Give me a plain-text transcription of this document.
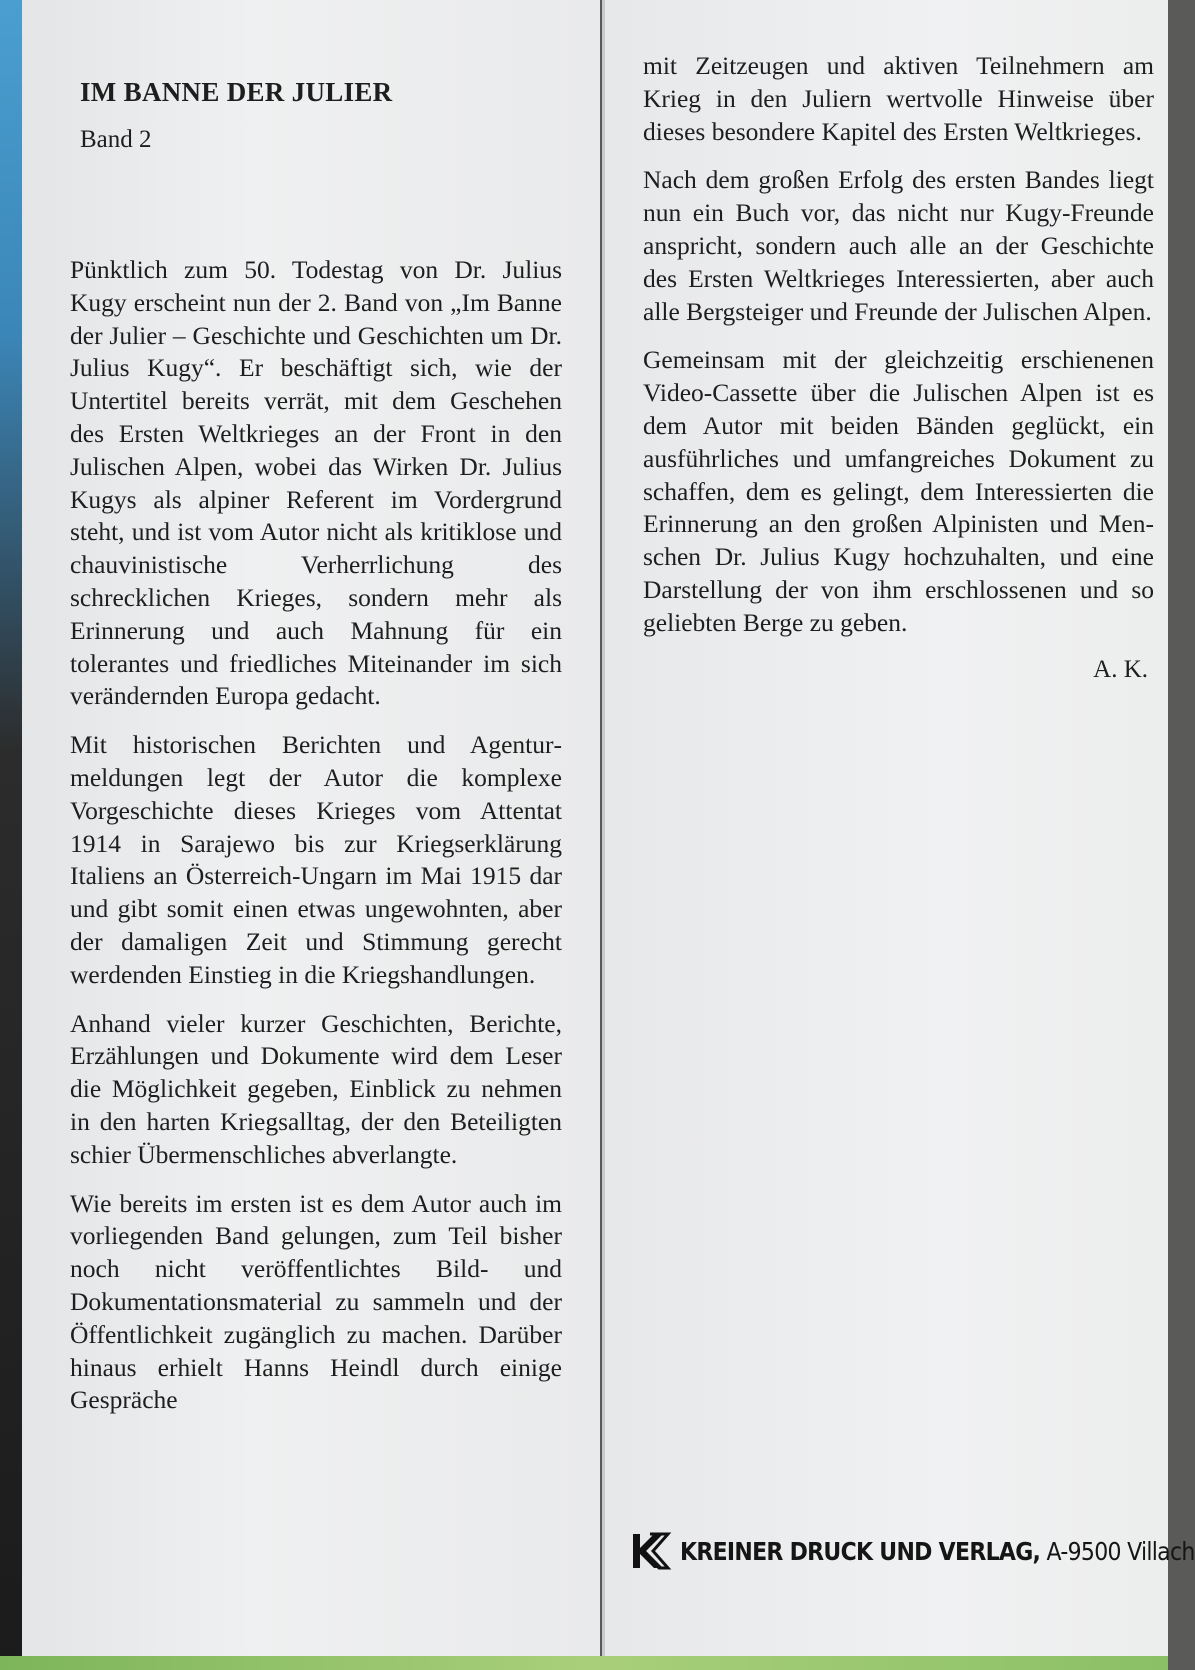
IM BANNE DER JULIER
Band 2

Pünktlich zum 50. Todestag von Dr. Julius Kugy erscheint nun der 2. Band von „Im Banne der Julier – Geschichte und Geschichten um Dr. Julius Kugy“. Er beschäftigt sich, wie der Untertitel bereits verrät, mit dem Geschehen des Ersten Weltkrieges an der Front in den Julischen Alpen, wobei das Wirken Dr. Julius Kugys als alpiner Referent im Vordergrund steht, und ist vom Autor nicht als kritiklose und chauvinistische Verherrlichung des schrecklichen Krieges, sondern mehr als Erinnerung und auch Mahnung für ein tolerantes und friedliches Miteinander im sich verändernden Europa gedacht.

Mit historischen Berichten und Agenturmeldungen legt der Autor die komplexe Vorgeschichte dieses Krieges vom Attentat 1914 in Sarajewo bis zur Kriegserklärung Italiens an Österreich-Ungarn im Mai 1915 dar und gibt somit einen etwas ungewohnten, aber der damaligen Zeit und Stimmung gerecht werdenden Einstieg in die Kriegshandlungen.

Anhand vieler kurzer Geschichten, Berichte, Erzählungen und Dokumente wird dem Leser die Möglichkeit gegeben, Einblick zu nehmen in den harten Kriegsalltag, der den Beteiligten schier Übermenschliches abverlangte.

Wie bereits im ersten ist es dem Autor auch im vorliegenden Band gelungen, zum Teil bisher noch nicht veröffentlichtes Bild- und Dokumentationsmaterial zu sammeln und der Öffentlichkeit zugänglich zu machen. Darüber hinaus erhielt Hanns Heindl durch einige Gespräche

mit Zeitzeugen und aktiven Teilnehmern am Krieg in den Juliern wertvolle Hinweise über dieses besondere Kapitel des Ersten Weltkrieges.

Nach dem großen Erfolg des ersten Bandes liegt nun ein Buch vor, das nicht nur Kugy-Freunde anspricht, sondern auch alle an der Geschichte des Ersten Weltkrieges Interessierten, aber auch alle Bergsteiger und Freunde der Julischen Alpen.

Gemeinsam mit der gleichzeitig erschienenen Video-Cassette über die Julischen Alpen ist es dem Autor mit beiden Bänden geglückt, ein ausführliches und umfangreiches Dokument zu schaffen, dem es gelingt, dem Interessierten die Erinnerung an den großen Alpinisten und Menschen Dr. Julius Kugy hochzuhalten, und eine Darstellung der von ihm erschlossenen und so geliebten Berge zu geben.

A. K.
KREINER DRUCK UND VERLAG, A-9500 Villach
